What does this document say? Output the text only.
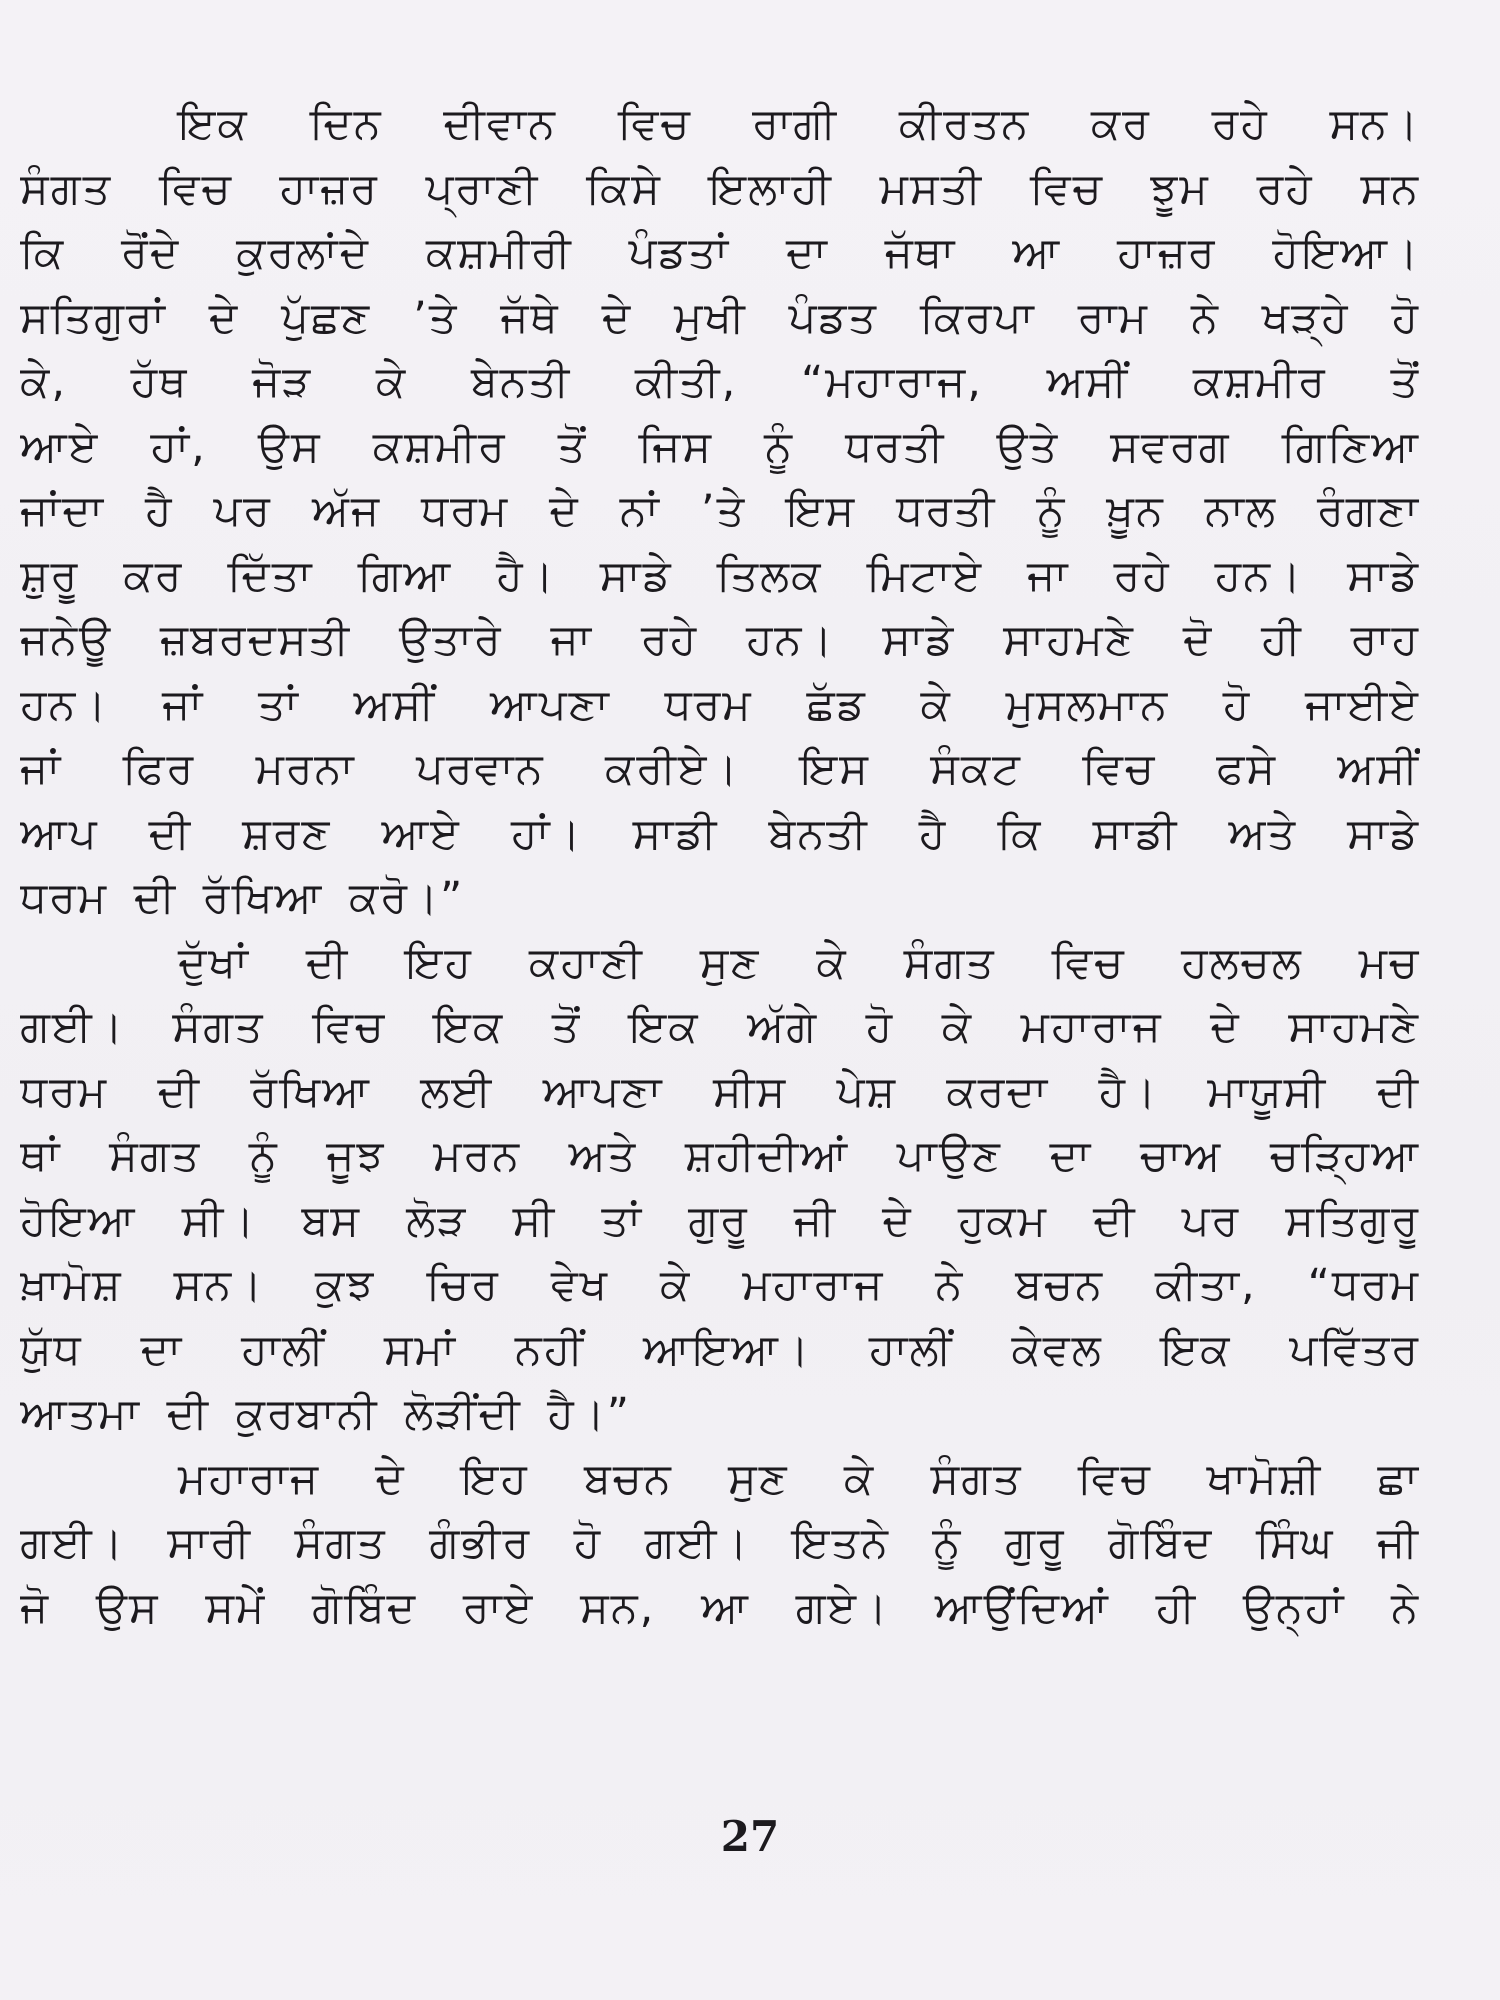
ਇਕ ਦਿਨ ਦੀਵਾਨ ਵਿਚ ਰਾਗੀ ਕੀਰਤਨ ਕਰ ਰਹੇ ਸਨ।
ਸੰਗਤ ਵਿਚ ਹਾਜ਼ਰ ਪ੍ਰਾਣੀ ਕਿਸੇ ਇਲਾਹੀ ਮਸਤੀ ਵਿਚ ਝੂਮ ਰਹੇ ਸਨ
ਕਿ ਰੋਂਦੇ ਕੁਰਲਾਂਦੇ ਕਸ਼ਮੀਰੀ ਪੰਡਤਾਂ ਦਾ ਜੱਥਾ ਆ ਹਾਜ਼ਰ ਹੋਇਆ।
ਸਤਿਗੁਰਾਂ ਦੇ ਪੁੱਛਣ ’ਤੇ ਜੱਥੇ ਦੇ ਮੁਖੀ ਪੰਡਤ ਕਿਰਪਾ ਰਾਮ ਨੇ ਖੜ੍ਹੇ ਹੋ
ਕੇ, ਹੱਥ ਜੋੜ ਕੇ ਬੇਨਤੀ ਕੀਤੀ, “ਮਹਾਰਾਜ, ਅਸੀਂ ਕਸ਼ਮੀਰ ਤੋਂ
ਆਏ ਹਾਂ, ਉਸ ਕਸ਼ਮੀਰ ਤੋਂ ਜਿਸ ਨੂੰ ਧਰਤੀ ਉਤੇ ਸਵਰਗ ਗਿਣਿਆ
ਜਾਂਦਾ ਹੈ ਪਰ ਅੱਜ ਧਰਮ ਦੇ ਨਾਂ ’ਤੇ ਇਸ ਧਰਤੀ ਨੂੰ ਖ਼ੂਨ ਨਾਲ ਰੰਗਣਾ
ਸ਼ੁਰੂ ਕਰ ਦਿੱਤਾ ਗਿਆ ਹੈ। ਸਾਡੇ ਤਿਲਕ ਮਿਟਾਏ ਜਾ ਰਹੇ ਹਨ। ਸਾਡੇ
ਜਨੇਊ ਜ਼ਬਰਦਸਤੀ ਉਤਾਰੇ ਜਾ ਰਹੇ ਹਨ। ਸਾਡੇ ਸਾਹਮਣੇ ਦੋ ਹੀ ਰਾਹ
ਹਨ। ਜਾਂ ਤਾਂ ਅਸੀਂ ਆਪਣਾ ਧਰਮ ਛੱਡ ਕੇ ਮੁਸਲਮਾਨ ਹੋ ਜਾਈਏ
ਜਾਂ ਫਿਰ ਮਰਨਾ ਪਰਵਾਨ ਕਰੀਏ। ਇਸ ਸੰਕਟ ਵਿਚ ਫਸੇ ਅਸੀਂ
ਆਪ ਦੀ ਸ਼ਰਣ ਆਏ ਹਾਂ। ਸਾਡੀ ਬੇਨਤੀ ਹੈ ਕਿ ਸਾਡੀ ਅਤੇ ਸਾਡੇ
ਧਰਮ ਦੀ ਰੱਖਿਆ ਕਰੋ।”
ਦੁੱਖਾਂ ਦੀ ਇਹ ਕਹਾਣੀ ਸੁਣ ਕੇ ਸੰਗਤ ਵਿਚ ਹਲਚਲ ਮਚ
ਗਈ। ਸੰਗਤ ਵਿਚ ਇਕ ਤੋਂ ਇਕ ਅੱਗੇ ਹੋ ਕੇ ਮਹਾਰਾਜ ਦੇ ਸਾਹਮਣੇ
ਧਰਮ ਦੀ ਰੱਖਿਆ ਲਈ ਆਪਣਾ ਸੀਸ ਪੇਸ਼ ਕਰਦਾ ਹੈ। ਮਾਯੂਸੀ ਦੀ
ਥਾਂ ਸੰਗਤ ਨੂੰ ਜੂਝ ਮਰਨ ਅਤੇ ਸ਼ਹੀਦੀਆਂ ਪਾਉਣ ਦਾ ਚਾਅ ਚੜ੍ਹਿਆ
ਹੋਇਆ ਸੀ। ਬਸ ਲੋੜ ਸੀ ਤਾਂ ਗੁਰੂ ਜੀ ਦੇ ਹੁਕਮ ਦੀ ਪਰ ਸਤਿਗੁਰੂ
ਖ਼ਾਮੋਸ਼ ਸਨ। ਕੁਝ ਚਿਰ ਵੇਖ ਕੇ ਮਹਾਰਾਜ ਨੇ ਬਚਨ ਕੀਤਾ, “ਧਰਮ
ਯੁੱਧ ਦਾ ਹਾਲੀਂ ਸਮਾਂ ਨਹੀਂ ਆਇਆ। ਹਾਲੀਂ ਕੇਵਲ ਇਕ ਪਵਿੱਤਰ
ਆਤਮਾ ਦੀ ਕੁਰਬਾਨੀ ਲੋੜੀਂਦੀ ਹੈ।”
ਮਹਾਰਾਜ ਦੇ ਇਹ ਬਚਨ ਸੁਣ ਕੇ ਸੰਗਤ ਵਿਚ ਖਾਮੋਸ਼ੀ ਛਾ
ਗਈ। ਸਾਰੀ ਸੰਗਤ ਗੰਭੀਰ ਹੋ ਗਈ। ਇਤਨੇ ਨੂੰ ਗੁਰੂ ਗੋਬਿੰਦ ਸਿੰਘ ਜੀ
ਜੋ ਉਸ ਸਮੇਂ ਗੋਬਿੰਦ ਰਾਏ ਸਨ, ਆ ਗਏ। ਆਉਂਦਿਆਂ ਹੀ ਉਨ੍ਹਾਂ ਨੇ
27
